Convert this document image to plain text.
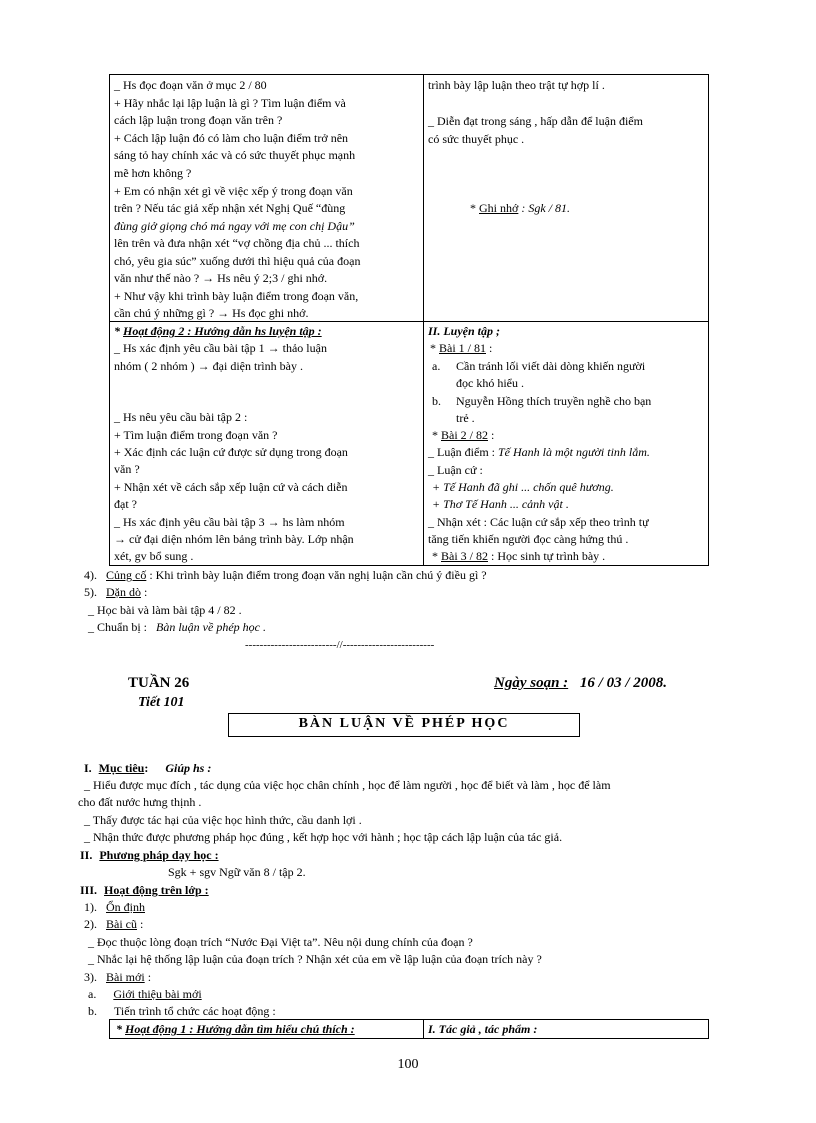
_ Hs đọc đoạn văn ở mục 2 / 80
+ Hãy nhắc lại lập luận là gì ? Tìm luận điểm và
cách lập luận trong đoạn văn trên ?
+ Cách lập luận đó có làm cho luận điểm trở nên
sáng tỏ hay chính xác và có sức thuyết phục mạnh
mẽ hơn không ?
+ Em có nhận xét gì về việc xếp ý trong đoạn văn
trên ? Nếu tác giả xếp nhận xét Nghị Quế “đùng
đùng giở giọng chó má ngay với mẹ con chị Dậu”
lên trên và đưa nhận xét “vợ chồng địa chủ ... thích
chó, yêu gia súc” xuống dưới thì hiệu quả của đoạn
văn như thế nào ? → Hs nêu ý 2;3 / ghi nhớ.
+ Như vậy khi trình bày luận điểm trong đoạn văn,
cần chú ý những gì ? → Hs đọc ghi nhớ.
trình bày lập luận theo trật tự hợp lí .
_ Diễn đạt trong sáng , hấp dẫn để luận điểm
có sức thuyết phục .
* Ghi nhớ : Sgk / 81.
* Hoạt động 2 : Hướng dẫn hs luyện tập :
_ Hs xác định yêu cầu bài tập 1 → thảo luận
nhóm ( 2 nhóm ) → đại diện trình bày .
_ Hs nêu yêu cầu bài tập 2 :
+ Tìm luận điểm trong đoạn văn ?
+ Xác định các luận cứ được sử dụng trong đoạn
văn ?
+ Nhận xét về cách sắp xếp luận cứ và cách diễn
đạt ?
_ Hs xác định yêu cầu bài tập 3 → hs làm nhóm
→ cử đại diện nhóm lên bảng trình bày. Lớp nhận
xét, gv bổ sung .
II. Luyện tập ;
* Bài 1 / 81 :
a. Cần tránh lối viết dài dòng khiến người
đọc khó hiểu .
b. Nguyễn Hồng thích truyền nghề cho bạn
trẻ .
* Bài 2 / 82 :
_ Luận điểm : Tế Hanh là một người tinh lắm.
_ Luận cứ :
+ Tế Hanh đã ghi ... chốn quê hương.
+ Thơ Tế Hanh ... cảnh vật .
_ Nhận xét : Các luận cứ sắp xếp theo trình tự
tăng tiến khiến người đọc càng hứng thú .
* Bài 3 / 82 : Học sinh tự trình bày .
4). Củng cố : Khi trình bày luận điểm trong đoạn văn nghị luận cần chú ý điều gì ?
5). Dặn dò :
_ Học bài và làm bài tập 4 / 82 .
_ Chuẩn bị : Bàn luận về phép học .
-------------------------//-------------------------
TUẦN 26
Tiết 101
Ngày soạn : 16 / 03 / 2008.
BÀN LUẬN VỀ PHÉP HỌC
I. Mục tiêu: Giúp hs :
_ Hiểu được mục đích , tác dụng của việc học chân chính , học để làm người , học để biết và làm , học để làm
cho đất nước hưng thịnh .
_ Thấy được tác hại của việc học hình thức, cầu danh lợi .
_ Nhận thức được phương pháp học đúng , kết hợp học với hành ; học tập cách lập luận của tác giả.
II. Phương pháp dạy học :
Sgk + sgv Ngữ văn 8 / tập 2.
III. Hoạt động trên lớp :
1). Ổn định
2). Bài cũ :
_ Đọc thuộc lòng đoạn trích “Nước Đại Việt ta”. Nêu nội dung chính của đoạn ?
_ Nhắc lại hệ thống lập luận của đoạn trích ? Nhận xét của em về lập luận của đoạn trích này ?
3). Bài mới :
a. Giới thiệu bài mới
b. Tiến trình tổ chức các hoạt động :
* Hoạt động 1 : Hướng dẫn tìm hiểu chú thích :	I. Tác giả , tác phẩm :
100
